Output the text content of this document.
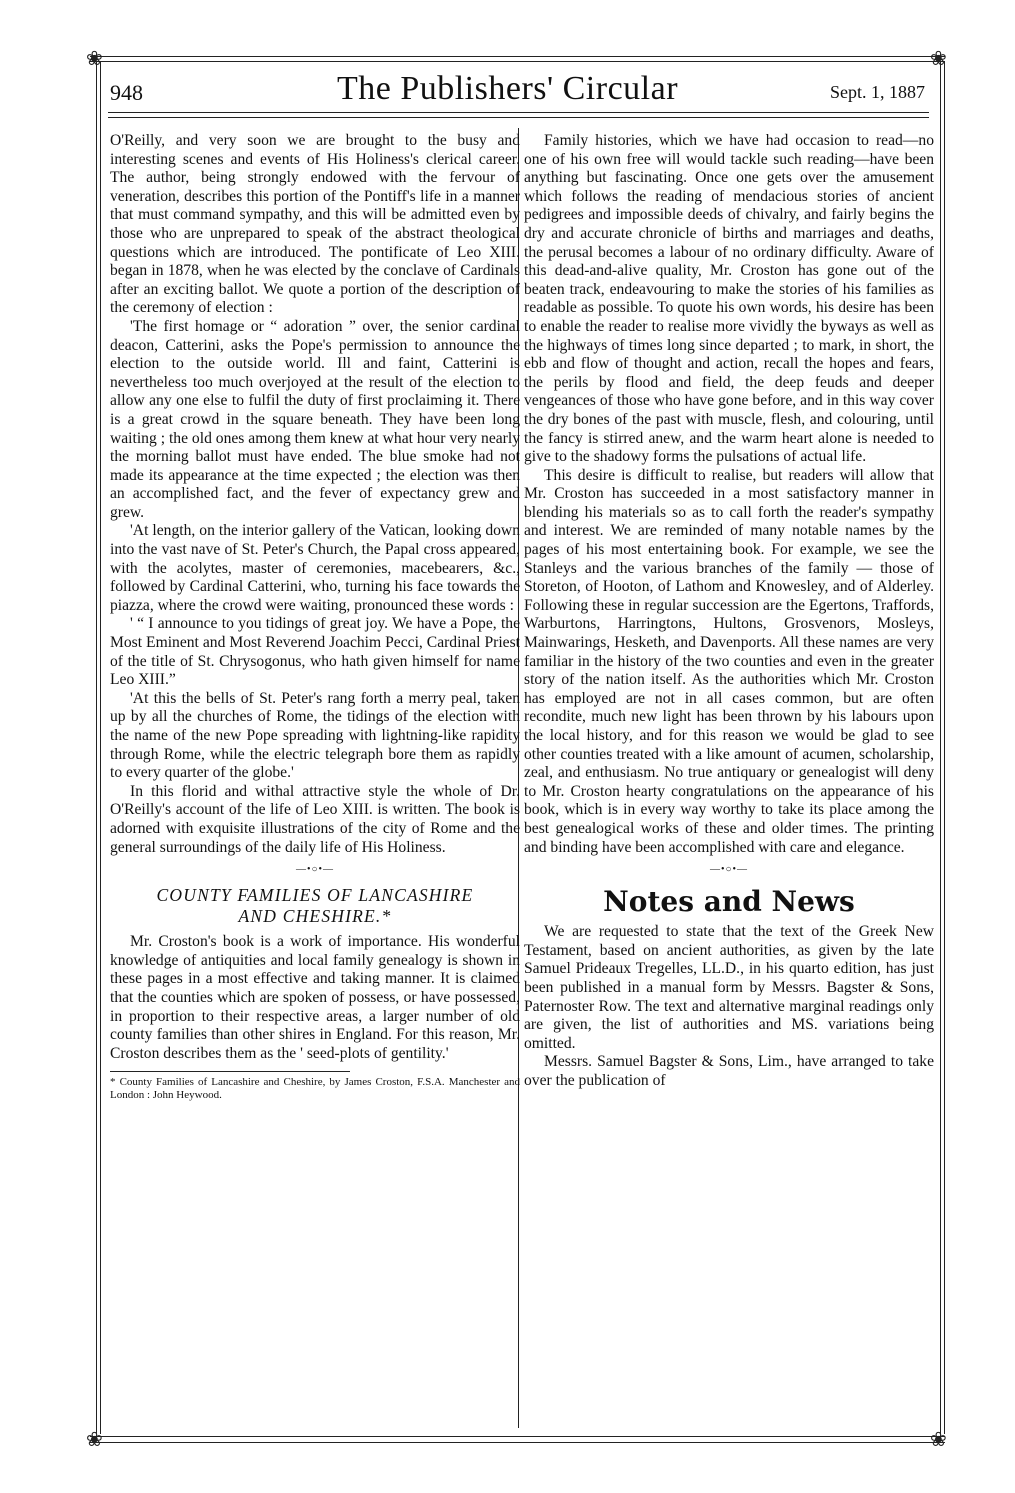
❀	❀
948	The Publishers' Circular	Sept. 1, 1887

O'Reilly, and very soon we are brought to the busy and interesting scenes and events of His Holiness's clerical career. The author, being strongly endowed with the fervour of veneration, describes this portion of the Pontiff's life in a manner that must command sympathy, and this will be admitted even by those who are unprepared to speak of the abstract theological questions which are introduced. The pontificate of Leo XIII. began in 1878, when he was elected by the conclave of Cardinals after an exciting ballot. We quote a portion of the description of the ceremony of election :

'The first homage or “ adoration ” over, the senior cardinal deacon, Catterini, asks the Pope's permission to announce the election to the outside world. Ill and faint, Catterini is nevertheless too much overjoyed at the result of the election to allow any one else to fulfil the duty of first proclaiming it. There is a great crowd in the square beneath. They have been long waiting ; the old ones among them knew at what hour very nearly the morning ballot must have ended. The blue smoke had not made its appearance at the time expected ; the election was then an accomplished fact, and the fever of expectancy grew and grew.

'At length, on the interior gallery of the Vatican, looking down into the vast nave of St. Peter's Church, the Papal cross appeared, with the acolytes, master of ceremonies, macebearers, &c., followed by Cardinal Catterini, who, turning his face towards the piazza, where the crowd were waiting, pronounced these words :

' “ I announce to you tidings of great joy. We have a Pope, the Most Eminent and Most Reverend Joachim Pecci, Cardinal Priest of the title of St. Chrysogonus, who hath given himself for name Leo XIII.”

'At this the bells of St. Peter's rang forth a merry peal, taken up by all the churches of Rome, the tidings of the election with the name of the new Pope spreading with lightning-like rapidity through Rome, while the electric telegraph bore them as rapidly to every quarter of the globe.'

In this florid and withal attractive style the whole of Dr. O'Reilly's account of the life of Leo XIII. is written. The book is adorned with exquisite illustrations of the city of Rome and the general surroundings of the daily life of His Holiness.

—•○•—
COUNTY FAMILIES OF LANCASHIRE
AND CHESHIRE.*

Mr. Croston's book is a work of importance. His wonderful knowledge of antiquities and local family genealogy is shown in these pages in a most effective and taking manner. It is claimed that the counties which are spoken of possess, or have possessed, in proportion to their respective areas, a larger number of old county families than other shires in England. For this reason, Mr. Croston describes them as the ' seed-plots of gentility.'

* County Families of Lancashire and Cheshire, by James Croston, F.S.A. Manchester and London : John Heywood.

Family histories, which we have had occasion to read—no one of his own free will would tackle such reading—have been anything but fascinating. Once one gets over the amusement which follows the reading of mendacious stories of ancient pedigrees and impossible deeds of chivalry, and fairly begins the dry and accurate chronicle of births and marriages and deaths, the perusal becomes a labour of no ordinary difficulty. Aware of this dead-and-alive quality, Mr. Croston has gone out of the beaten track, endeavouring to make the stories of his families as readable as possible. To quote his own words, his desire has been to enable the reader to realise more vividly the byways as well as the highways of times long since departed ; to mark, in short, the ebb and flow of thought and action, recall the hopes and fears, the perils by flood and field, the deep feuds and deeper vengeances of those who have gone before, and in this way cover the dry bones of the past with muscle, flesh, and colouring, until the fancy is stirred anew, and the warm heart alone is needed to give to the shadowy forms the pulsations of actual life.

This desire is difficult to realise, but readers will allow that Mr. Croston has succeeded in a most satisfactory manner in blending his materials so as to call forth the reader's sympathy and interest. We are reminded of many notable names by the pages of his most entertaining book. For example, we see the Stanleys and the various branches of the family — those of Storeton, of Hooton, of Lathom and Knowesley, and of Alderley. Following these in regular succession are the Egertons, Traffords, Warburtons, Harringtons, Hultons, Grosvenors, Mosleys, Mainwarings, Hesketh, and Davenports. All these names are very familiar in the history of the two counties and even in the greater story of the nation itself. As the authorities which Mr. Croston has employed are not in all cases common, but are often recondite, much new light has been thrown by his labours upon the local history, and for this reason we would be glad to see other counties treated with a like amount of acumen, scholarship, zeal, and enthusiasm. No true antiquary or genealogist will deny to Mr. Croston hearty congratulations on the appearance of his book, which is in every way worthy to take its place among the best genealogical works of these and older times. The printing and binding have been accomplished with care and elegance.

—•○•—
Notes and News

We are requested to state that the text of the Greek New Testament, based on ancient authorities, as given by the late Samuel Prideaux Tregelles, LL.D., in his quarto edition, has just been published in a manual form by Messrs. Bagster & Sons, Paternoster Row. The text and alternative marginal readings only are given, the list of authorities and MS. variations being omitted.

Messrs. Samuel Bagster & Sons, Lim., have arranged to take over the publication of

❀	❀
